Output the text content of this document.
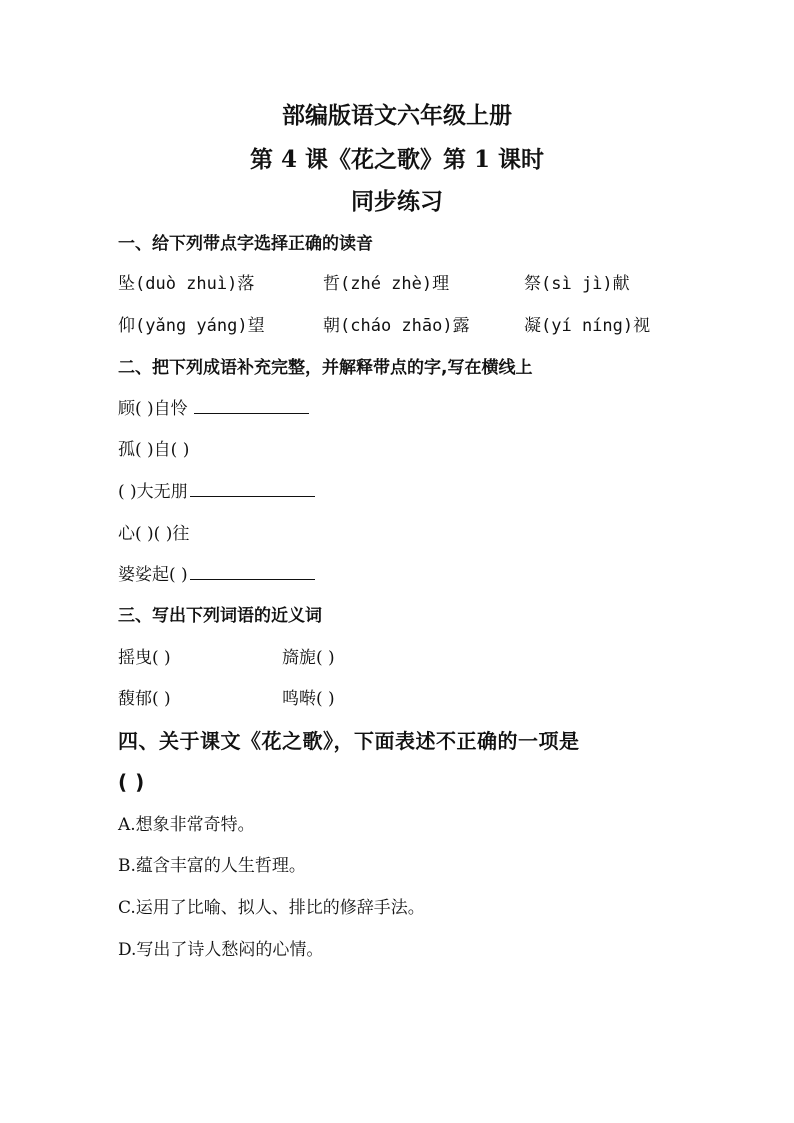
部编版语文六年级上册
第 4 课《花之歌》第 1 课时
同步练习
一、给下列带点字选择正确的读音
坠(duò zhuì)落	哲(zhé zhè)理	祭(sì jì)献
仰(yǎng yáng)望	朝(cháo zhāo)露	凝(yí níng)视
二、把下列成语补充完整，并解释带点的字,写在横线上
顾( )自怜
孤( )自( )
( )大无朋
心( )( )往
婆娑起( )
三、写出下列词语的近义词
摇曳( )	旖旎( )
馥郁( )	鸣啭( )
四、关于课文《花之歌》，下面表述不正确的一项是
( )
A.想象非常奇特。
B.蕴含丰富的人生哲理。
C.运用了比喻、拟人、排比的修辞手法。
D.写出了诗人愁闷的心情。
